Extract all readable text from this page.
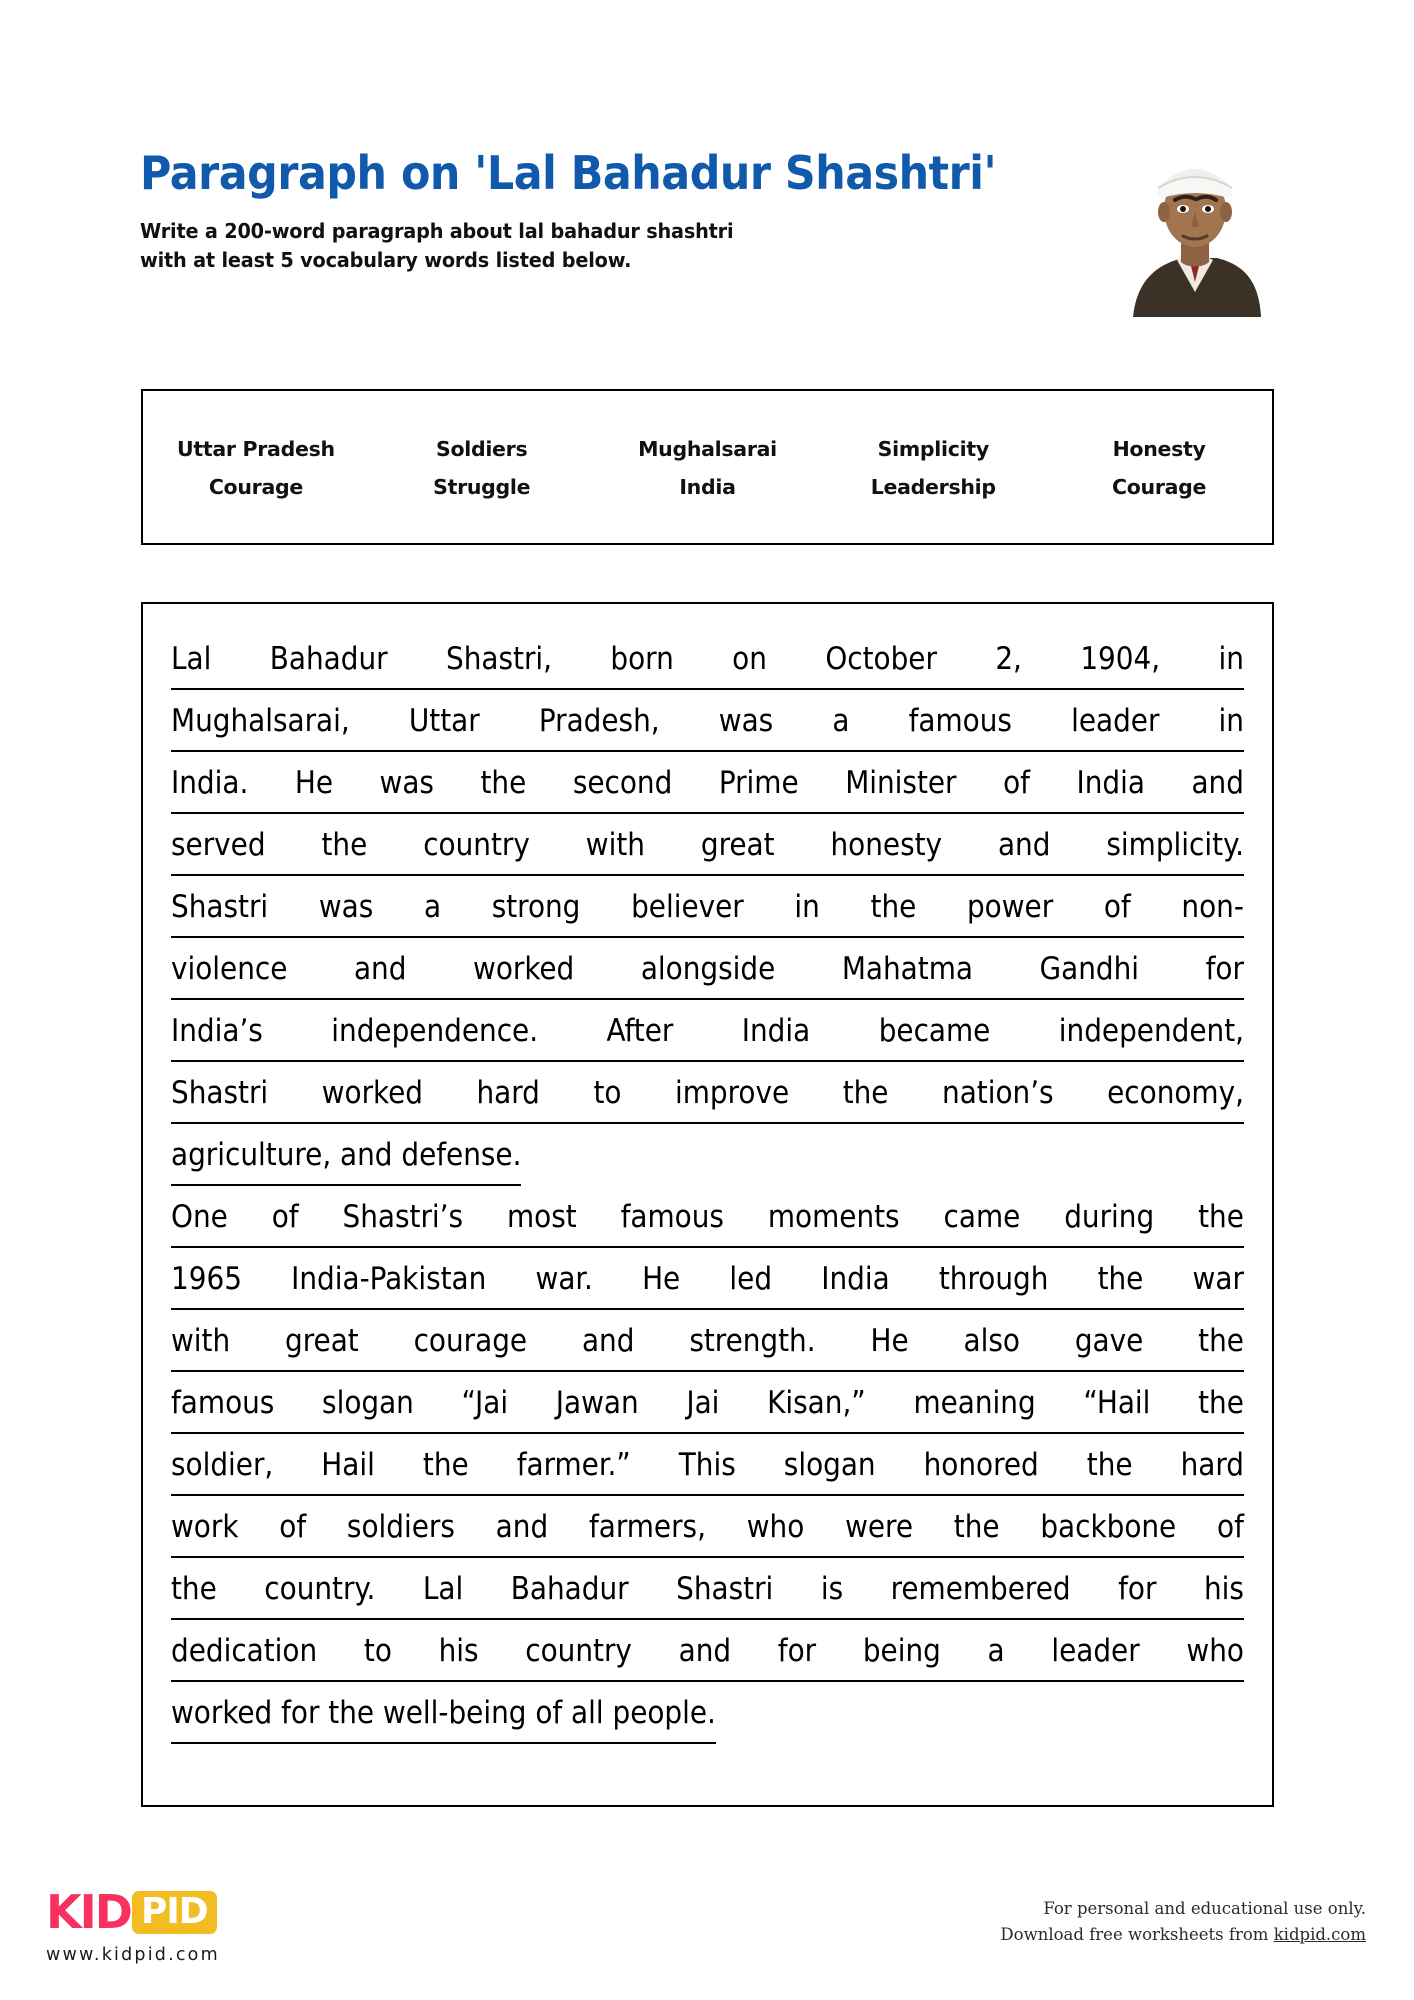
Paragraph on 'Lal Bahadur Shashtri'
Write a 200-word paragraph about lal bahadur shashtri
with at least 5 vocabulary words listed below.
Uttar Pradesh	Soldiers	Mughalsarai	Simplicity	Honesty
Courage	Struggle	India	Leadership	Courage
Lal Bahadur Shastri, born on October 2, 1904, in
Mughalsarai, Uttar Pradesh, was a famous leader in
India. He was the second Prime Minister of India and
served the country with great honesty and simplicity.
Shastri was a strong believer in the power of non-
violence and worked alongside Mahatma Gandhi for
India’s independence. After India became independent,
Shastri worked hard to improve the nation’s economy,
agriculture, and defense.
One of Shastri’s most famous moments came during the
1965 India-Pakistan war. He led India through the war
with great courage and strength. He also gave the
famous slogan “Jai Jawan Jai Kisan,” meaning “Hail the
soldier, Hail the farmer.” This slogan honored the hard
work of soldiers and farmers, who were the backbone of
the country. Lal Bahadur Shastri is remembered for his
dedication to his country and for being a leader who
worked for the well-being of all people.
KID PID
www.kidpid.com
For personal and educational use only.
Download free worksheets from kidpid.com
